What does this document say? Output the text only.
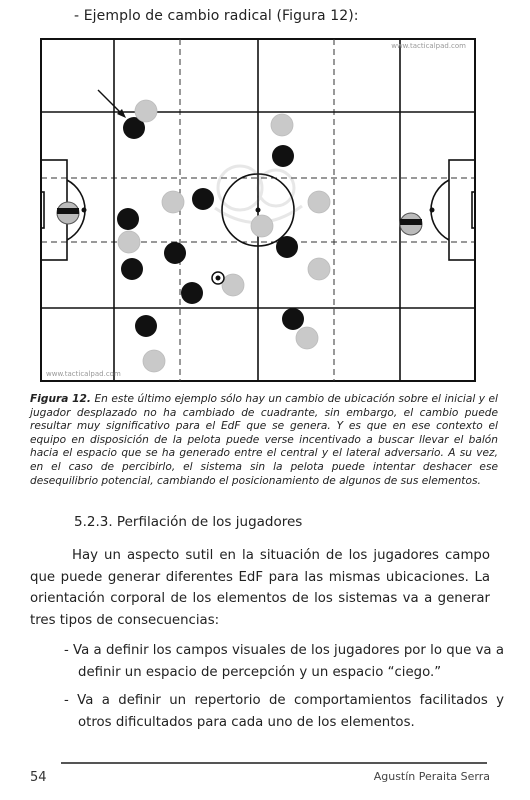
- Ejemplo de cambio radical (Figura 12):
www.tacticalpad.com
www.tacticalpad.com
Figura 12. En este último ejemplo sólo hay un cambio de ubicación sobre el inicial y el jugador desplazado no ha cambiado de cuadrante, sin embargo, el cambio puede resultar muy significativo para el EdF que se genera. Y es que en ese contexto el equipo en disposición de la pelota puede verse incentivado a buscar llevar el balón hacia el espacio que se ha generado entre el central y el lateral adversario. A su vez, en el caso de percibirlo, el sistema sin la pelota puede intentar deshacer ese desequilibrio potencial, cambiando el posicionamiento de algunos de sus elementos.
5.2.3. Perfilación de los jugadores
Hay un aspecto sutil en la situación de los jugadores campo que puede generar diferentes EdF para las mismas ubicaciones. La orientación corporal de los elementos de los sistemas va a generar tres tipos de consecuencias:
- Va a definir los campos visuales de los jugadores por lo que va a definir un espacio de percepción y un espacio “ciego.”
- Va a definir un repertorio de comportamientos facilitados y otros dificultados para cada uno de los elementos.
54	Agustín Peraita Serra
